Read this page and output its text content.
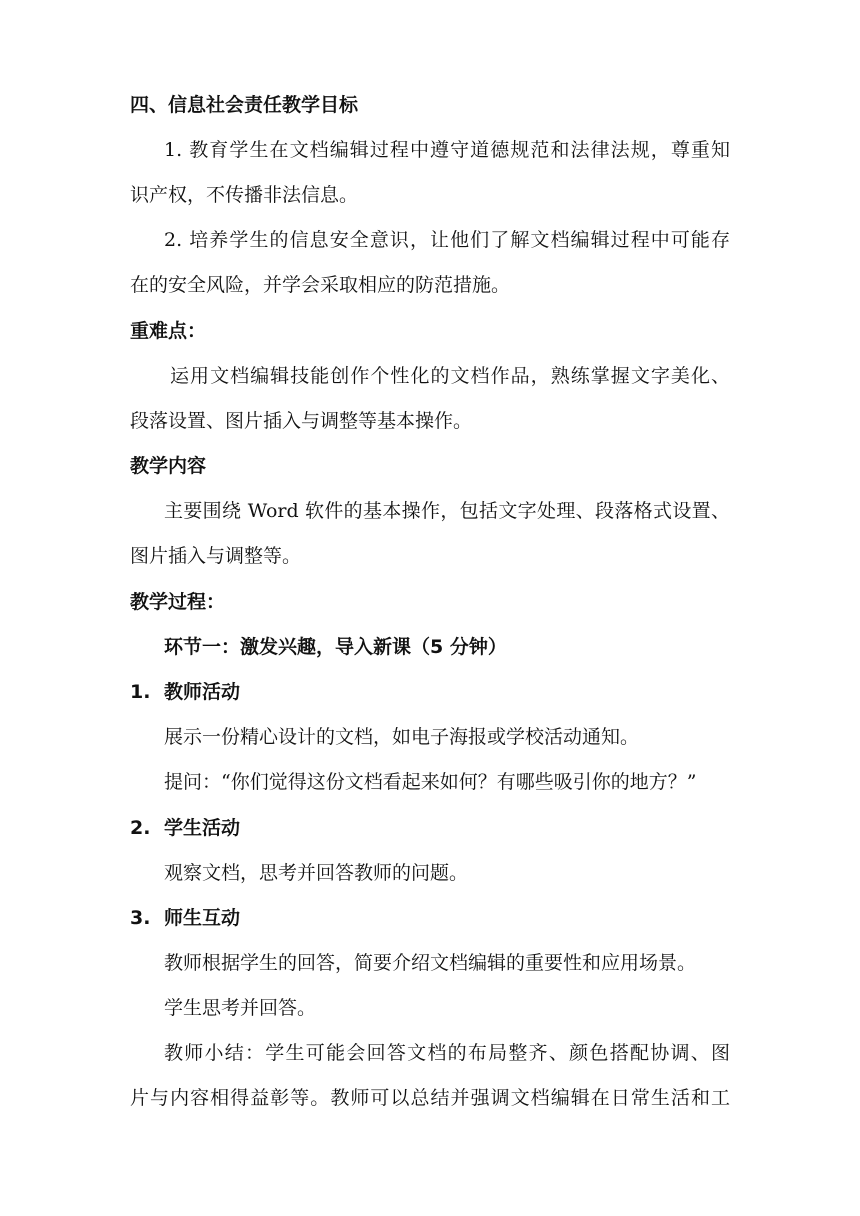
四、信息社会责任教学目标
1. 教育学生在文档编辑过程中遵守道德规范和法律法规，尊重知
识产权，不传播非法信息。
2. 培养学生的信息安全意识，让他们了解文档编辑过程中可能存
在的安全风险，并学会采取相应的防范措施。
重难点：
运用文档编辑技能创作个性化的文档作品，熟练掌握文字美化、
段落设置、图片插入与调整等基本操作。
教学内容
主要围绕 Word 软件的基本操作，包括文字处理、段落格式设置、
图片插入与调整等。
教学过程：
环节一：激发兴趣，导入新课（5 分钟）
1. 教师活动
展示一份精心设计的文档，如电子海报或学校活动通知。
提问：“你们觉得这份文档看起来如何？有哪些吸引你的地方？”
2. 学生活动
观察文档，思考并回答教师的问题。
3. 师生互动
教师根据学生的回答，简要介绍文档编辑的重要性和应用场景。
学生思考并回答。
教师小结：学生可能会回答文档的布局整齐、颜色搭配协调、图
片与内容相得益彰等。教师可以总结并强调文档编辑在日常生活和工
